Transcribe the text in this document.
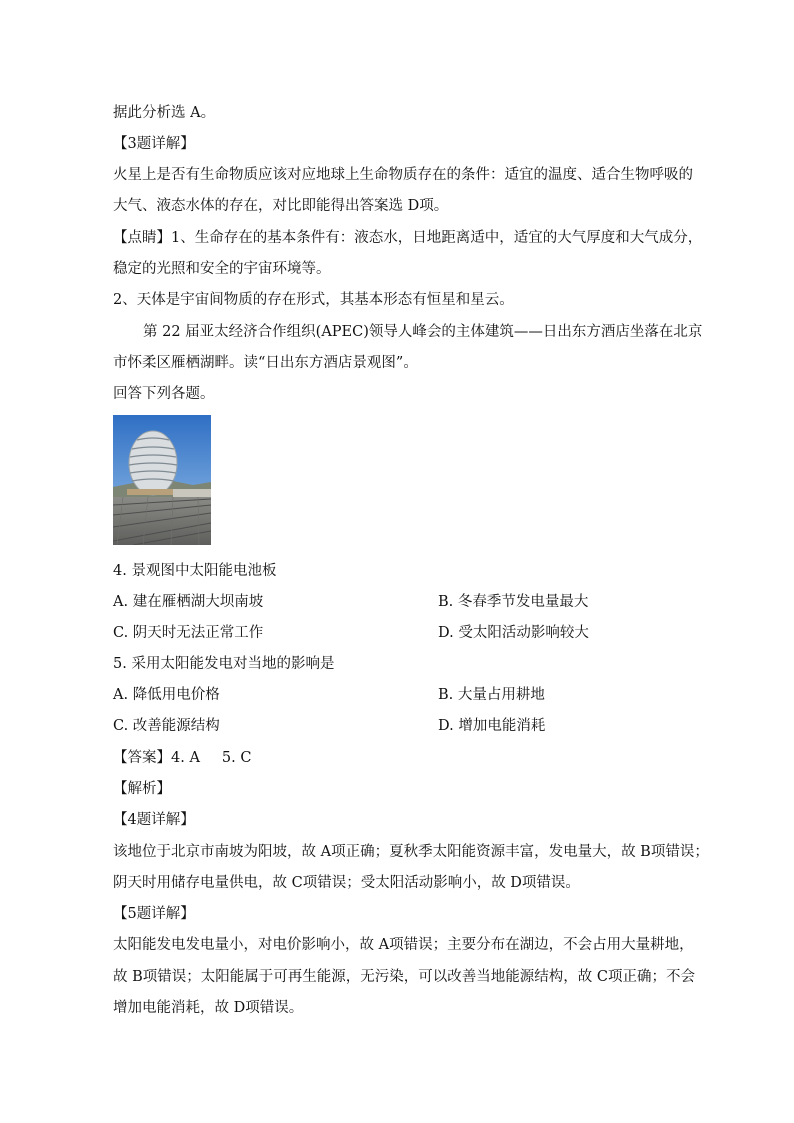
据此分析选 A。
【3题详解】
火星上是否有生命物质应该对应地球上生命物质存在的条件：适宜的温度、适合生物呼吸的
大气、液态水体的存在，对比即能得出答案选 D项。
【点睛】1、生命存在的基本条件有：液态水，日地距离适中，适宜的大气厚度和大气成分，
稳定的光照和安全的宇宙环境等。
2、天体是宇宙间物质的存在形式，其基本形态有恒星和星云。
第 22 届亚太经济合作组织(APEC)领导人峰会的主体建筑——日出东方酒店坐落在北京
市怀柔区雁栖湖畔。读“日出东方酒店景观图”。
回答下列各题。
4. 景观图中太阳能电池板
A. 建在雁栖湖大坝南坡	B. 冬春季节发电量最大
C. 阴天时无法正常工作	D. 受太阳活动影响较大
5. 采用太阳能发电对当地的影响是
A. 降低用电价格	B. 大量占用耕地
C. 改善能源结构	D. 增加电能消耗
【答案】4. A 5. C
【解析】
【4题详解】
该地位于北京市南坡为阳坡，故 A项正确；夏秋季太阳能资源丰富，发电量大，故 B项错误；
阴天时用储存电量供电，故 C项错误；受太阳活动影响小，故 D项错误。
【5题详解】
太阳能发电发电量小，对电价影响小，故 A项错误；主要分布在湖边，不会占用大量耕地，
故 B项错误；太阳能属于可再生能源，无污染，可以改善当地能源结构，故 C项正确；不会
增加电能消耗，故 D项错误。
